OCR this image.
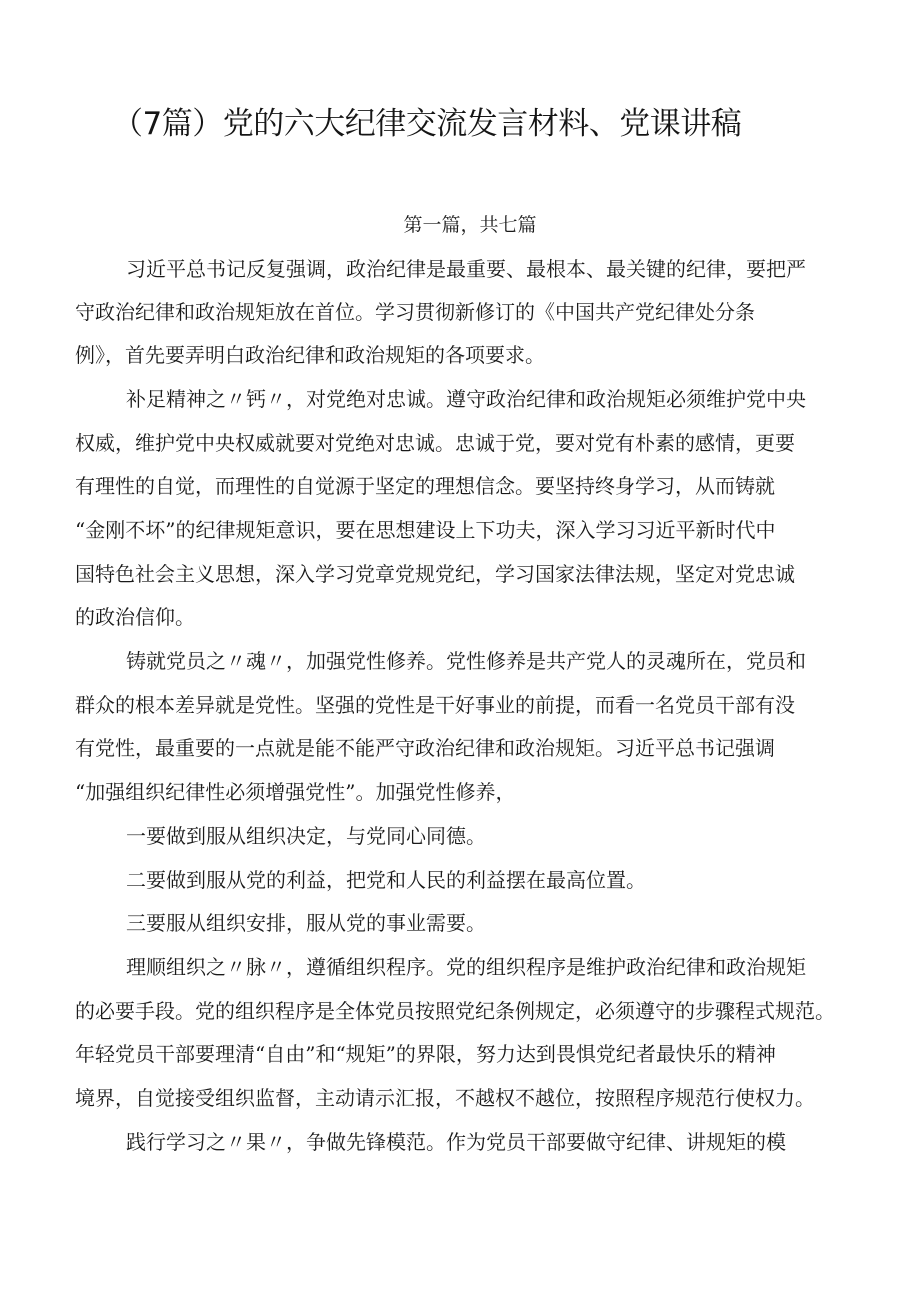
（7篇）党的六大纪律交流发言材料、党课讲稿
第一篇，共七篇
习近平总书记反复强调，政治纪律是最重要、最根本、最关键的纪律，要把严
守政治纪律和政治规矩放在首位。学习贯彻新修订的《中国共产党纪律处分条
例》，首先要弄明白政治纪律和政治规矩的各项要求。
补足精神之〃钙〃，对党绝对忠诚。遵守政治纪律和政治规矩必须维护党中央
权威，维护党中央权威就要对党绝对忠诚。忠诚于党，要对党有朴素的感情，更要
有理性的自觉，而理性的自觉源于坚定的理想信念。要坚持终身学习，从而铸就
“金刚不坏”的纪律规矩意识，要在思想建设上下功夫，深入学习习近平新时代中
国特色社会主义思想，深入学习党章党规党纪，学习国家法律法规，坚定对党忠诚
的政治信仰。
铸就党员之〃魂〃，加强党性修养。党性修养是共产党人的灵魂所在，党员和
群众的根本差异就是党性。坚强的党性是干好事业的前提，而看一名党员干部有没
有党性，最重要的一点就是能不能严守政治纪律和政治规矩。习近平总书记强调
“加强组织纪律性必须增强党性”。加强党性修养，
一要做到服从组织决定，与党同心同德。
二要做到服从党的利益，把党和人民的利益摆在最高位置。
三要服从组织安排，服从党的事业需要。
理顺组织之〃脉〃，遵循组织程序。党的组织程序是维护政治纪律和政治规矩
的必要手段。党的组织程序是全体党员按照党纪条例规定，必须遵守的步骤程式规范。
年轻党员干部要理清“自由”和“规矩”的界限，努力达到畏惧党纪者最快乐的精神
境界，自觉接受组织监督，主动请示汇报，不越权不越位，按照程序规范行使权力。
践行学习之〃果〃，争做先锋模范。作为党员干部要做守纪律、讲规矩的模
